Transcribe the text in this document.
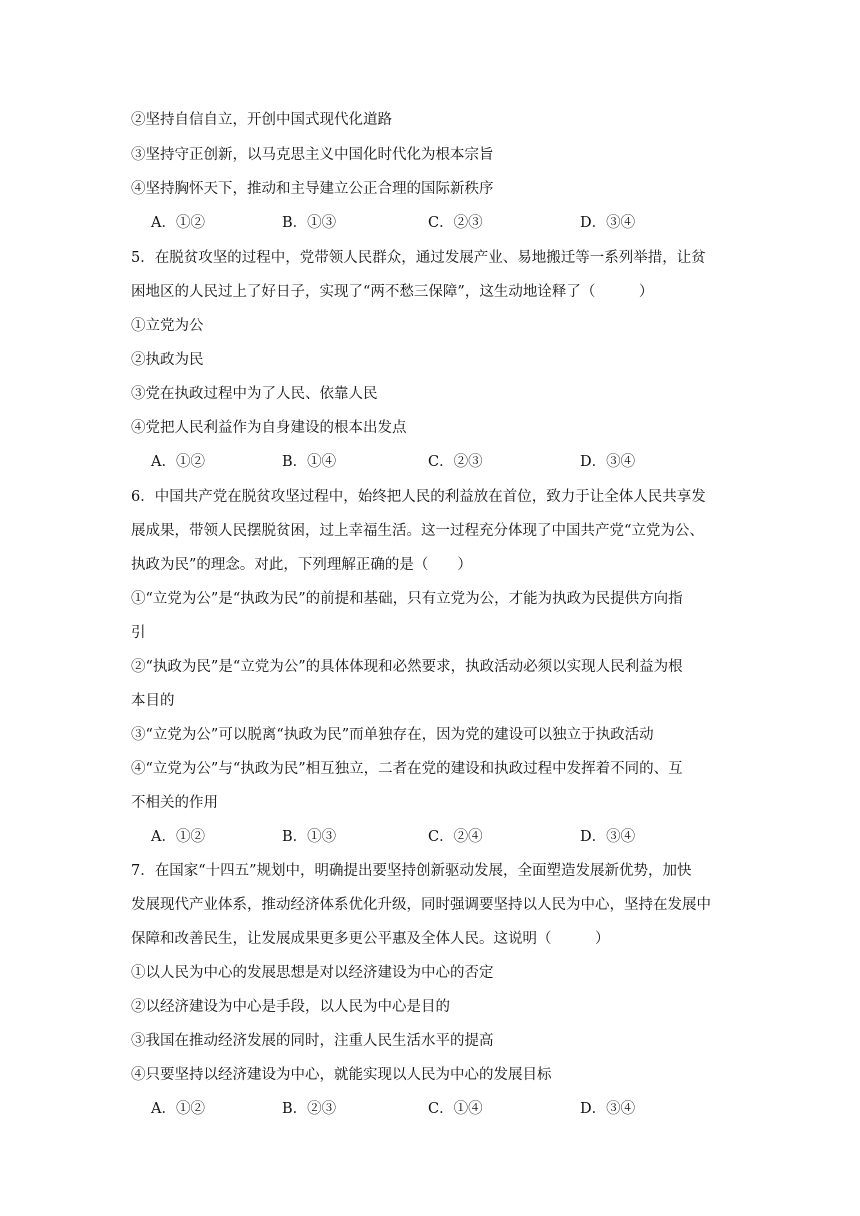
②坚持自信自立，开创中国式现代化道路
③坚持守正创新，以马克思主义中国化时代化为根本宗旨
④坚持胸怀天下，推动和主导建立公正合理的国际新秩序
A．①②	B．①③	C．②③	D．③④
5．在脱贫攻坚的过程中，党带领人民群众，通过发展产业、易地搬迁等一系列举措，让贫
困地区的人民过上了好日子，实现了“两不愁三保障”，这生动地诠释了（　　　）
①立党为公
②执政为民
③党在执政过程中为了人民、依靠人民
④党把人民利益作为自身建设的根本出发点
A．①②	B．①④	C．②③	D．③④
6．中国共产党在脱贫攻坚过程中，始终把人民的利益放在首位，致力于让全体人民共享发
展成果，带领人民摆脱贫困，过上幸福生活。这一过程充分体现了中国共产党“立党为公、
执政为民”的理念。对此，下列理解正确的是（　　）
①“立党为公”是“执政为民”的前提和基础，只有立党为公，才能为执政为民提供方向指
引
②“执政为民”是“立党为公”的具体体现和必然要求，执政活动必须以实现人民利益为根
本目的
③“立党为公”可以脱离“执政为民”而单独存在，因为党的建设可以独立于执政活动
④“立党为公”与“执政为民”相互独立，二者在党的建设和执政过程中发挥着不同的、互
不相关的作用
A．①②	B．①③	C．②④	D．③④
7．在国家“十四五”规划中，明确提出要坚持创新驱动发展，全面塑造发展新优势，加快
发展现代产业体系，推动经济体系优化升级，同时强调要坚持以人民为中心，坚持在发展中
保障和改善民生，让发展成果更多更公平惠及全体人民。这说明（　　　）
①以人民为中心的发展思想是对以经济建设为中心的否定
②以经济建设为中心是手段，以人民为中心是目的
③我国在推动经济发展的同时，注重人民生活水平的提高
④只要坚持以经济建设为中心，就能实现以人民为中心的发展目标
A．①②	B．②③	C．①④	D．③④
